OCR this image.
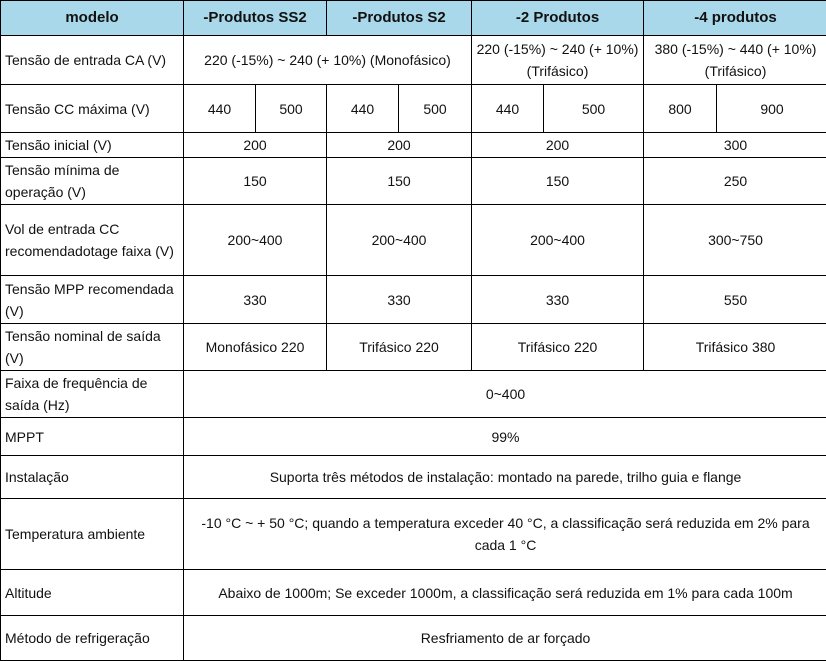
modelo	-Produtos SS2		-Produtos S2		-2 Produtos		-4 produtos	
Tensão de entrada CA (V)	220 (-15%) ~ 240 (+ 10%) (Monofásico)				220 (-15%) ~ 240 (+ 10%) (Trifásico)		380 (-15%) ~ 440 (+ 10%) (Trifásico)	
Tensão CC máxima (V)	440	500	440	500	440	500	800	900
Tensão inicial (V)	200		200		200		300	
Tensão mínima de operação (V)	150		150		150		250	
Vol de entrada CC recomendadotage faixa (V)	200~400		200~400		200~400		300~750	
Tensão MPP recomendada (V)	330		330		330		550	
Tensão nominal de saída (V)	Monofásico 220		Trifásico 220		Trifásico 220		Trifásico 380	
Faixa de frequência de saída (Hz)	0~400							
MPPT	99%							
Instalação	Suporta três métodos de instalação: montado na parede, trilho guia e flange							
Temperatura ambiente	-10 °C ~ + 50 °C; quando a temperatura exceder 40 °C, a classificação será reduzida em 2% para cada 1 °C							
Altitude	Abaixo de 1000m; Se exceder 1000m, a classificação será reduzida em 1% para cada 100m							
Método de refrigeração	Resfriamento de ar forçado							
